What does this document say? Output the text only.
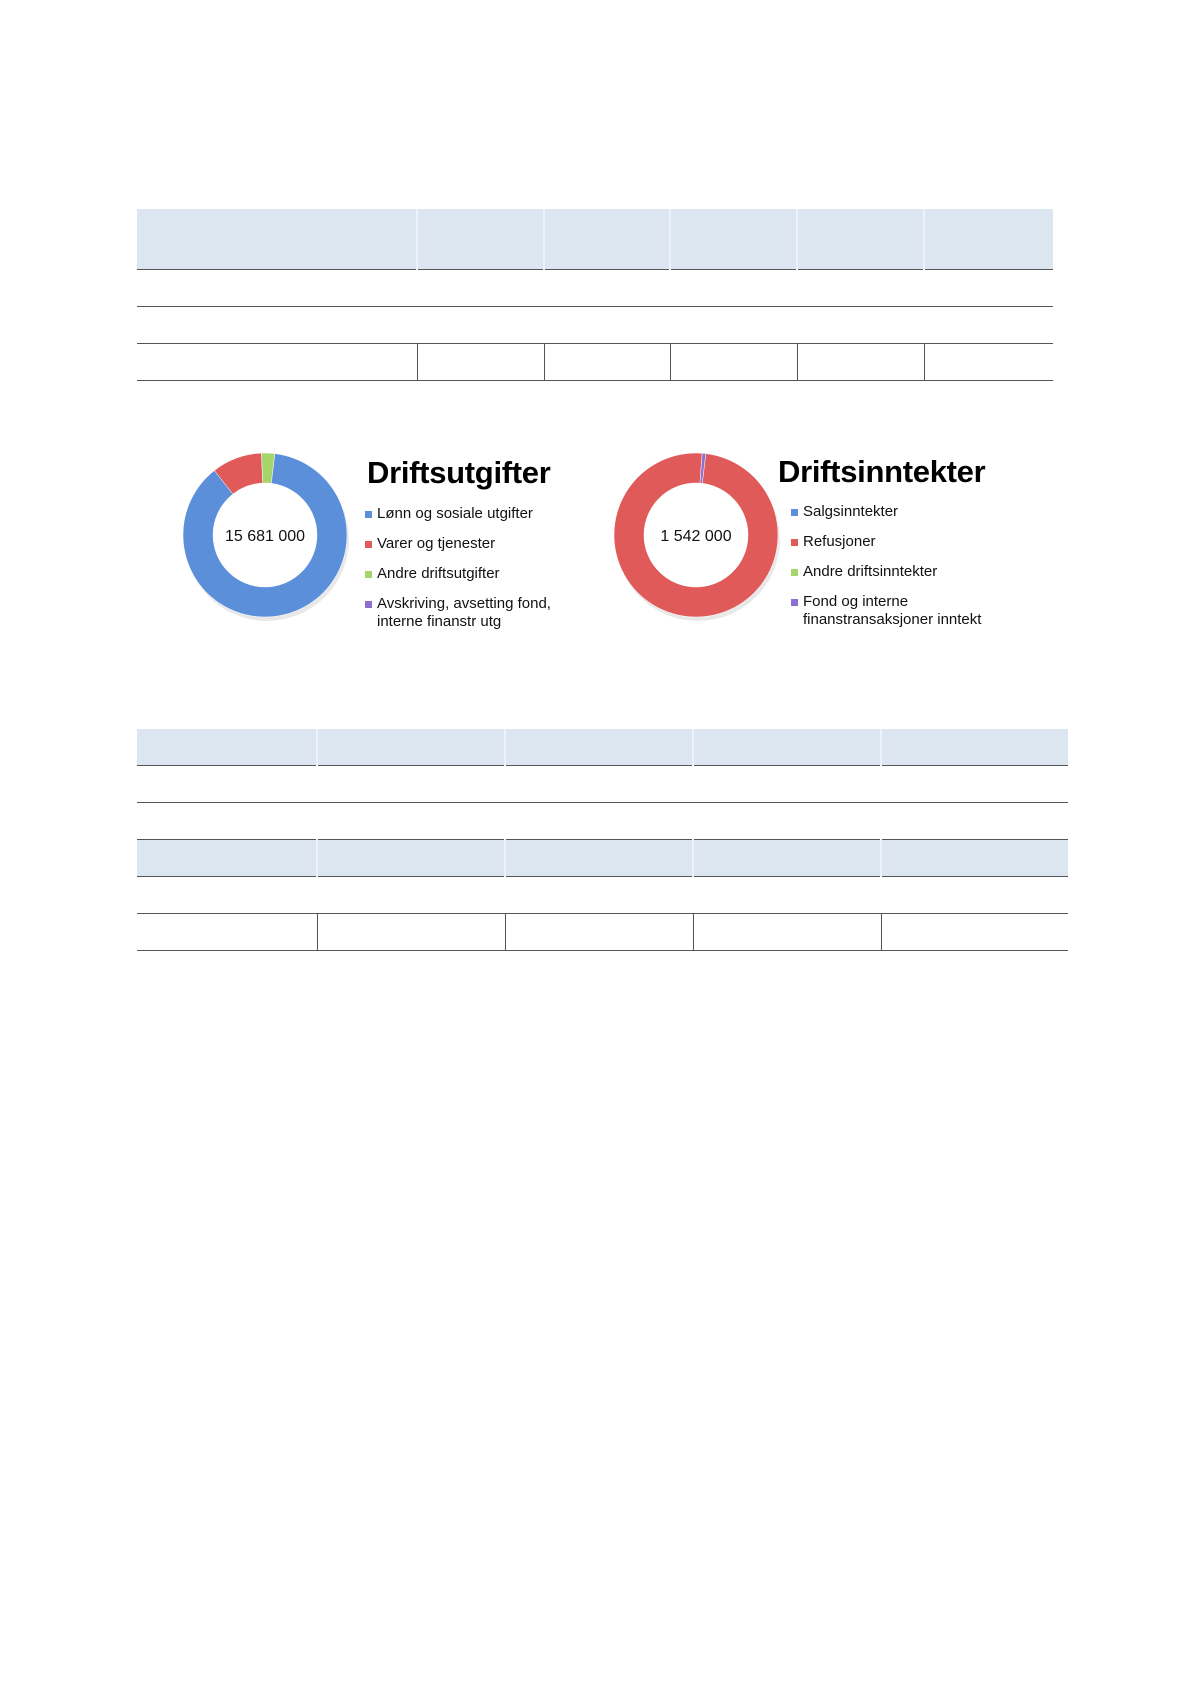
15 681 000
Driftsutgifter
Lønn og sosiale utgifter
Varer og tjenester
Andre driftsutgifter
Avskriving, avsetting fond, interne finanstr utg
1 542 000
Driftsinntekter
Salgsinntekter
Refusjoner
Andre driftsinntekter
Fond og interne finanstransaksjoner inntekt
